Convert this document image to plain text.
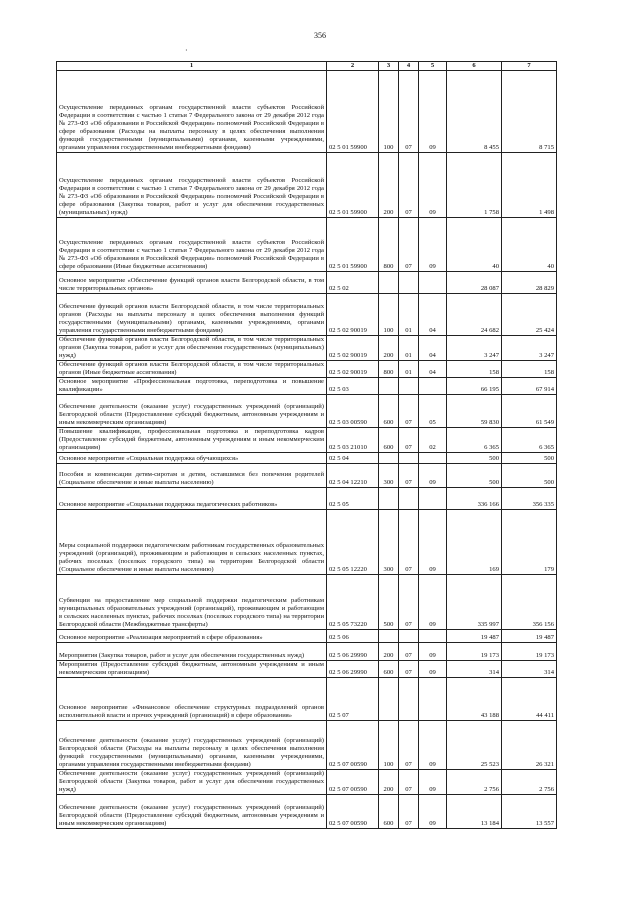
356
·
1	2	3	4	5	6	7
Осуществление переданных органам государственной власти субъектов Российской Федерации в соответствии с частью 1 статьи 7 Федерального закона от 29 декабря 2012 года № 273-ФЗ «Об образовании в Российской Федерации» полномочий Российской Федерации в сфере образования (Расходы на выплаты персоналу в целях обеспечения выполнения функций государственными (муниципальными) органами, казенными учреждениями, органами управления государственными внебюджетными фондами)	02 5 01 59900	100	07	09	8 455	8 715
Осуществление переданных органам государственной власти субъектов Российской Федерации в соответствии с частью 1 статьи 7 Федерального закона от 29 декабря 2012 года № 273-ФЗ «Об образовании в Российской Федерации» полномочий Российской Федерации в сфере образования (Закупка товаров, работ и услуг для обеспечения государственных (муниципальных) нужд)	02 5 01 59900	200	07	09	1 758	1 498
Осуществление переданных органам государственной власти субъектов Российской Федерации в соответствии с частью 1 статьи 7 Федерального закона от 29 декабря 2012 года № 273-ФЗ «Об образовании в Российской Федерации» полномочий Российской Федерации в сфере образования (Иные бюджетные ассигнования)	02 5 01 59900	800	07	09	40	40
Основное мероприятие «Обеспечение функций органов власти Белгородской области, в том числе территориальных органов»	02 5 02				28 087	28 829
Обеспечение функций органов власти Белгородской области, в том числе территориальных органов (Расходы на выплаты персоналу в целях обеспечения выполнения функций государственными (муниципальными) органами, казенными учреждениями, органами управления государственными внебюджетными фондами)	02 5 02 90019	100	01	04	24 682	25 424
Обеспечение функций органов власти Белгородской области, в том числе территориальных органов (Закупка товаров, работ и услуг для обеспечения государственных (муниципальных) нужд)	02 5 02 90019	200	01	04	3 247	3 247
Обеспечение функций органов власти Белгородской области, в том числе территориальных органов (Иные бюджетные ассигнования)	02 5 02 90019	800	01	04	158	158
Основное мероприятие «Профессиональная подготовка, переподготовка и повышение квалификации»	02 5 03				66 195	67 914
Обеспечение деятельности (оказание услуг) государственных учреждений (организаций) Белгородской области (Предоставление субсидий бюджетным, автономным учреждениям и иным некоммерческим организациям)	02 5 03 00590	600	07	05	59 830	61 549
Повышение квалификации, профессиональная подготовка и переподготовка кадров (Предоставление субсидий бюджетным, автономным учреждениям и иным некоммерческим организациям)	02 5 03 21010	600	07	02	6 365	6 365
Основное мероприятие «Социальная поддержка обучающихся»	02 5 04				500	500
Пособия и компенсации детям-сиротам и детям, оставшимся без попечения родителей (Социальное обеспечение и иные выплаты населению)	02 5 04 12210	300	07	09	500	500
Основное мероприятие «Социальная поддержка педагогических работников»	02 5 05				336 166	356 335
Меры социальной поддержки педагогическим работникам государственных образовательных учреждений (организаций), проживающим и работающим в сельских населенных пунктах, рабочих поселках (поселках городского типа) на территории Белгородской области (Социальное обеспечение и иные выплаты населению)	02 5 05 12220	300	07	09	169	179
Субвенции на предоставление мер социальной поддержки педагогическим работникам муниципальных образовательных учреждений (организаций), проживающим и работающим в сельских населенных пунктах, рабочих поселках (поселках городского типа) на территории Белгородской области (Межбюджетные трансферты)	02 5 05 73220	500	07	09	335 997	356 156
Основное мероприятие «Реализация мероприятий в сфере образования»	02 5 06				19 487	19 487
Мероприятия (Закупка товаров, работ и услуг для обеспечения государственных нужд)	02 5 06 29990	200	07	09	19 173	19 173
Мероприятия (Предоставление субсидий бюджетным, автономным учреждениям и иным некоммерческим организациям)	02 5 06 29990	600	07	09	314	314
Основное мероприятие «Финансовое обеспечение структурных подразделений органов исполнительной власти и прочих учреждений (организаций) в сфере образования»	02 5 07				43 188	44 411
Обеспечение деятельности (оказание услуг) государственных учреждений (организаций) Белгородской области (Расходы на выплаты персоналу в целях обеспечения выполнения функций государственными (муниципальными) органами, казенными учреждениями, органами управления государственными внебюджетными фондами)	02 5 07 00590	100	07	09	25 523	26 321
Обеспечение деятельности (оказание услуг) государственных учреждений (организаций) Белгородской области (Закупка товаров, работ и услуг для обеспечения государственных нужд)	02 5 07 00590	200	07	09	2 756	2 756
Обеспечение деятельности (оказание услуг) государственных учреждений (организаций) Белгородской области (Предоставление субсидий бюджетным, автономным учреждениям и иным некоммерческим организациям)	02 5 07 00590	600	07	09	13 184	13 557
